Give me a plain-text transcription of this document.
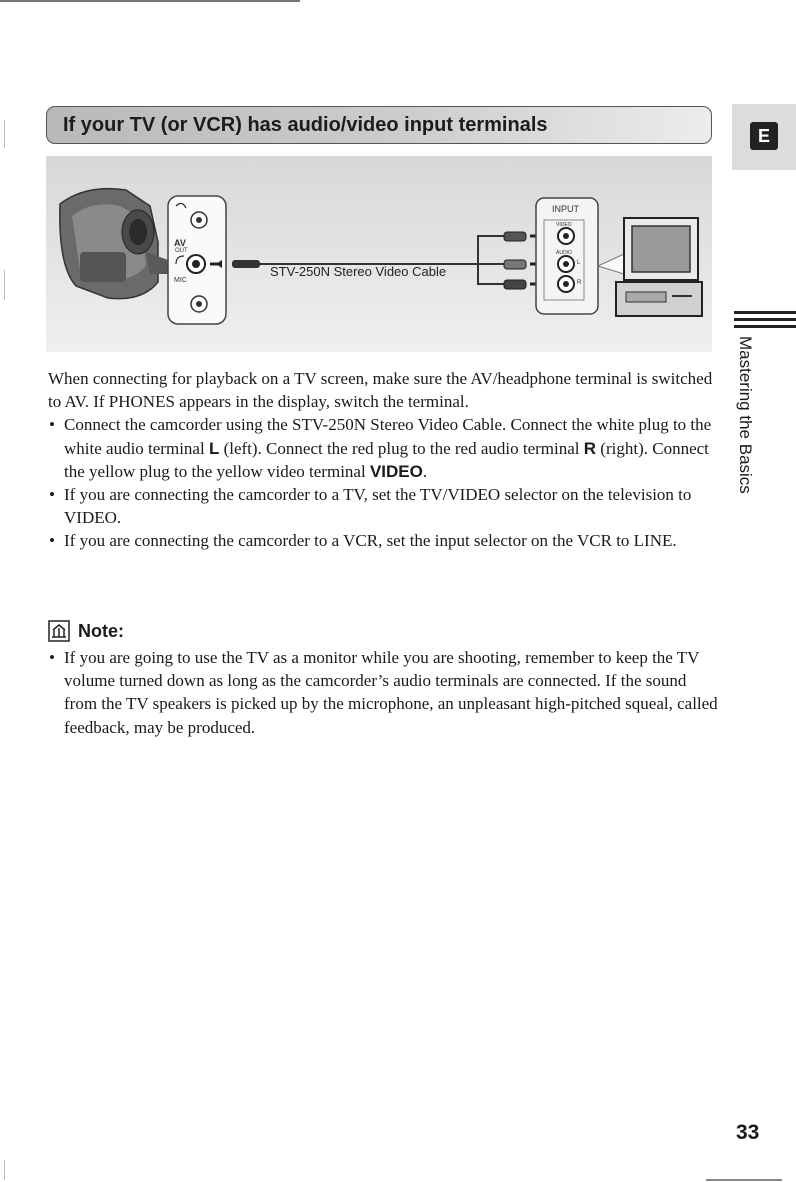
If your TV (or VCR) has audio/video input terminals
AV
OUT
MIC
INPUT
VIDEO
AUDIO
L
R
STV-250N Stereo Video Cable
E
Mastering the Basics

When connecting for playback on a TV screen, make sure the AV/headphone terminal is switched to AV. If PHONES appears in the display, switch the terminal.

• Connect the camcorder using the STV-250N Stereo Video Cable. Connect the white plug to the white audio terminal L (left). Connect the red plug to the red audio terminal R (right). Connect the yellow plug to the yellow video terminal VIDEO.

• If you are connecting the camcorder to a TV, set the TV/VIDEO selector on the television to VIDEO.

• If you are connecting the camcorder to a VCR, set the input selector on the VCR to LINE.

Note:

• If you are going to use the TV as a monitor while you are shooting, remember to keep the TV volume turned down as long as the camcorder’s audio terminals are connected. If the sound from the TV speakers is picked up by the microphone, an unpleasant high-pitched squeal, called feedback, may be produced.

33
